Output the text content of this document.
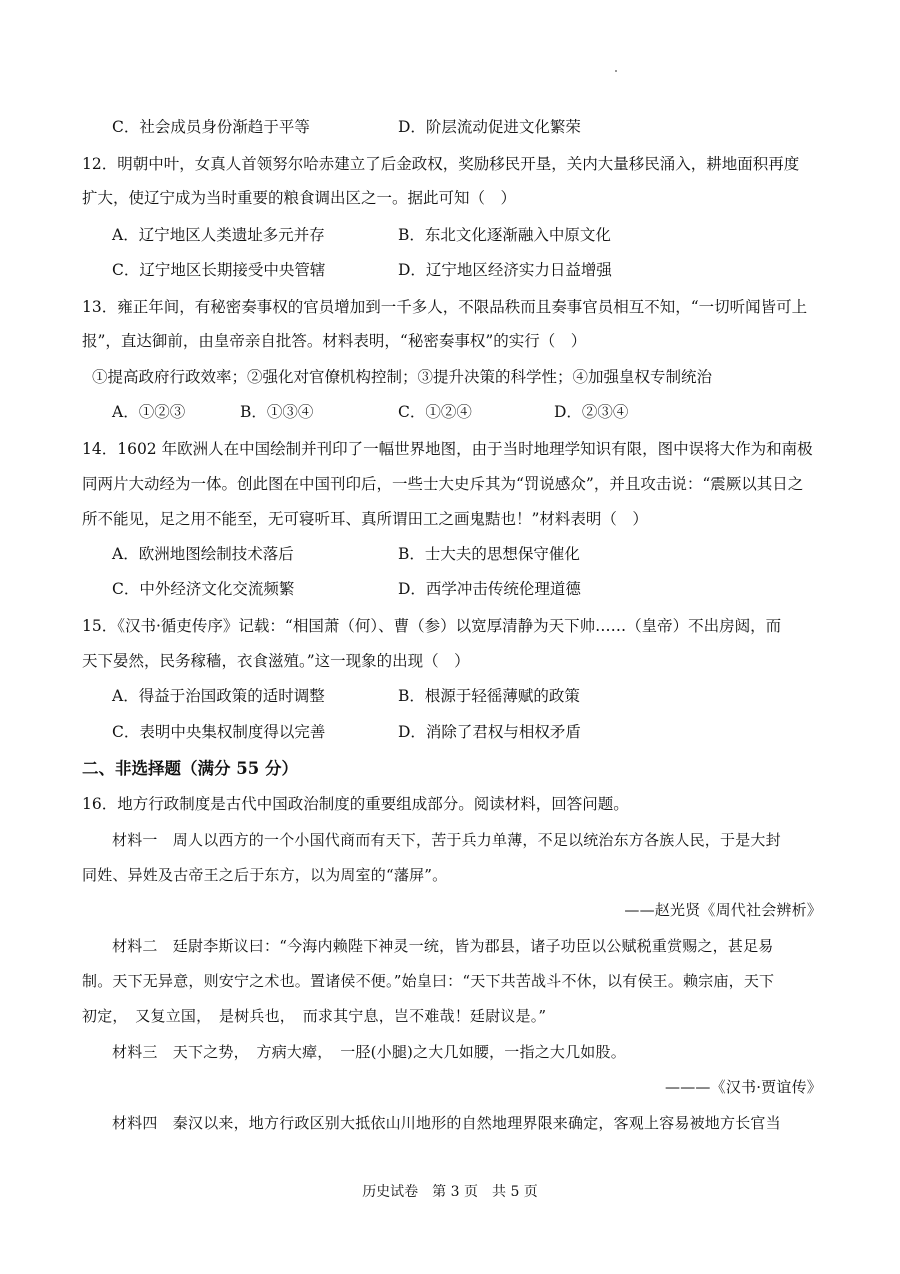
C．社会成员身份渐趋于平等	D．阶层流动促进文化繁荣
12．明朝中叶，女真人首领努尔哈赤建立了后金政权，奖励移民开垦，关内大量移民涌入，耕地面积再度
扩大，使辽宁成为当时重要的粮食调出区之一。据此可知（　）
A．辽宁地区人类遗址多元并存	B．东北文化逐渐融入中原文化
C．辽宁地区长期接受中央管辖	D．辽宁地区经济实力日益增强
13．雍正年间，有秘密奏事权的官员增加到一千多人，不限品秩而且奏事官员相互不知，“一切听闻皆可上
报”，直达御前，由皇帝亲自批答。材料表明，“秘密奏事权”的实行（　）
①提高政府行政效率；②强化对官僚机构控制；③提升决策的科学性；④加强皇权专制统治
A．①②③	B．①③④	C．①②④	D．②③④
14．1602 年欧洲人在中国绘制并刊印了一幅世界地图，由于当时地理学知识有限，图中误将大作为和南极
同两片大动经为一体。创此图在中国刊印后，一些士大史斥其为“罚说感众”，并且攻击说：“震厥以其日之
所不能见，足之用不能至，无可寝听耳、真所谓田工之画鬼黠也！”材料表明（　）
A．欧洲地图绘制技术落后	B．士大夫的思想保守催化
C．中外经济文化交流频繁	D．西学冲击传统伦理道德
15．《汉书·循吏传序》记载：“相国萧（何）、曹（参）以宽厚清静为天下帅……（皇帝）不出房闼，而
天下晏然，民务稼穑，衣食滋殖。”这一现象的出现（　）
A．得益于治国政策的适时调整	B．根源于轻徭薄赋的政策
C．表明中央集权制度得以完善	D．消除了君权与相权矛盾
二、非选择题（满分 55 分）
16．地方行政制度是古代中国政治制度的重要组成部分。阅读材料，回答问题。
材料一　周人以西方的一个小国代商而有天下，苦于兵力单薄，不足以统治东方各族人民，于是大封
同姓、异姓及古帝王之后于东方，以为周室的“藩屏”。
——赵光贤《周代社会辨析》
材料二　廷尉李斯议曰：“今海内赖陛下神灵一统，皆为郡县，诸子功臣以公赋税重赏赐之，甚足易
制。天下无异意，则安宁之术也。置诸侯不便。”始皇曰：“天下共苦战斗不休，以有侯王。赖宗庙，天下
初定，　又复立国，　是树兵也，　而求其宁息，岂不难哉！廷尉议是。”
材料三　天下之势，　方病大瘴，　一胫(小腿)之大几如腰，一指之大几如股。
———《汉书·贾谊传》
材料四　秦汉以来，地方行政区别大抵依山川地形的自然地理界限来确定，客观上容易被地方长官当
历史试卷　第 3 页　共 5 页
